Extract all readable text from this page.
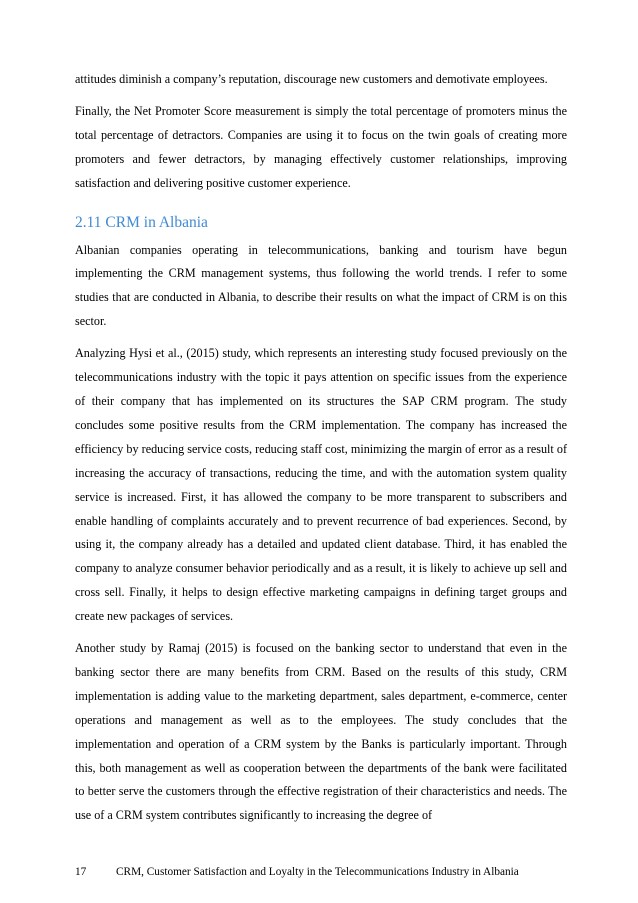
attitudes diminish a company’s reputation, discourage new customers and demotivate employees.

Finally, the Net Promoter Score measurement is simply the total percentage of promoters minus the total percentage of detractors. Companies are using it to focus on the twin goals of creating more promoters and fewer detractors, by managing effectively customer relationships, improving satisfaction and delivering positive customer experience.

2.11 CRM in Albania

Albanian companies operating in telecommunications, banking and tourism have begun implementing the CRM management systems, thus following the world trends. I refer to some studies that are conducted in Albania, to describe their results on what the impact of CRM is on this sector.

Analyzing Hysi et al., (2015) study, which represents an interesting study focused previously on the telecommunications industry with the topic it pays attention on specific issues from the experience of their company that has implemented on its structures the SAP CRM program. The study concludes some positive results from the CRM implementation. The company has increased the efficiency by reducing service costs, reducing staff cost, minimizing the margin of error as a result of increasing the accuracy of transactions, reducing the time, and with the automation system quality service is increased. First, it has allowed the company to be more transparent to subscribers and enable handling of complaints accurately and to prevent recurrence of bad experiences. Second, by using it, the company already has a detailed and updated client database. Third, it has enabled the company to analyze consumer behavior periodically and as a result, it is likely to achieve up sell and cross sell. Finally, it helps to design effective marketing campaigns in defining target groups and create new packages of services.

Another study by Ramaj (2015) is focused on the banking sector to understand that even in the banking sector there are many benefits from CRM. Based on the results of this study, CRM implementation is adding value to the marketing department, sales department, e-commerce, center operations and management as well as to the employees. The study concludes that the implementation and operation of a CRM system by the Banks is particularly important. Through this, both management as well as cooperation between the departments of the bank were facilitated to better serve the customers through the effective registration of their characteristics and needs. The use of a CRM system contributes significantly to increasing the degree of

17	CRM, Customer Satisfaction and Loyalty in the Telecommunications Industry in Albania
